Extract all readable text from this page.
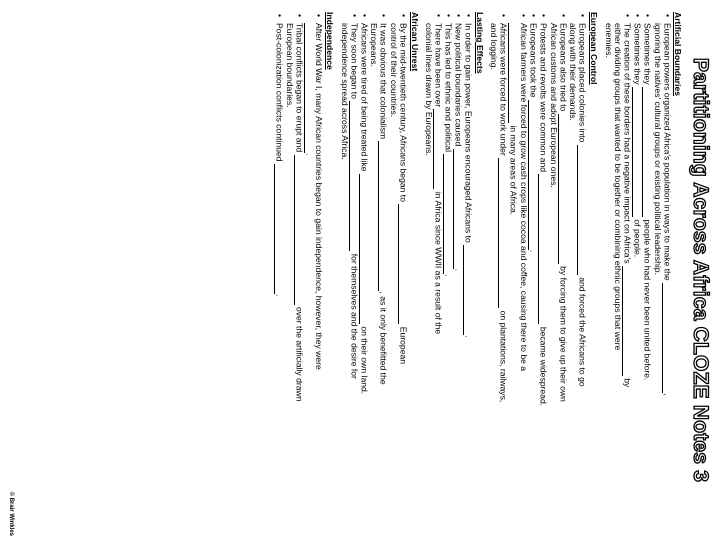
Partitioning Across Africa CLOZE Notes 3
Artificial Boundaries
• European powers organized Africa's population in ways to make the ,
ignoring the natives' cultural groups or existing political leadership.
• Sometimes they  people who had never been united before.
• Sometimes they  of people.
• The creation of these borders had a negative impact on Africa's  by
either dividing groups that wanted to be together or combining ethnic groups that were
enemies.
European Control
• Europeans placed colonies into  and forced the Africans to go
along with their demands.
• Europeans also tried to  by forcing them to give up their own
African customs and adopt European ones.
• Protests and revolts were common and  became widespread.
• Europeans took the .
• African farmers were forced to grow cash crops like cocoa and coffee, causing there to be a
in many areas of Africa.
• Africans were forced to work under  on plantations, railways,
and logging.
Lasting Effects
• In order to gain power, Europeans encouraged Africans to .
• New political boundaries caused .
• This has led to ethnic and political .
• There have been over  in Africa since WWII as a result of the
colonial lines drawn by Europeans.
African Unrest
• By the mid-twentieth century, Africans began to  European
control of their countries.
• It was obvious that colonialism , as it only benefitted the
Europeans.
• Africans were tired of being treated like  on their own land.
• They soon began to  for themselves and the desire for
independence spread across Africa.
Independence
• After World War I, many African countries began to gain independence, however, they were
.
• Tribal conflicts began to erupt and  over the artificially drawn
European boundaries.
• Post-colonization conflicts continued .
© Brair Winkles
